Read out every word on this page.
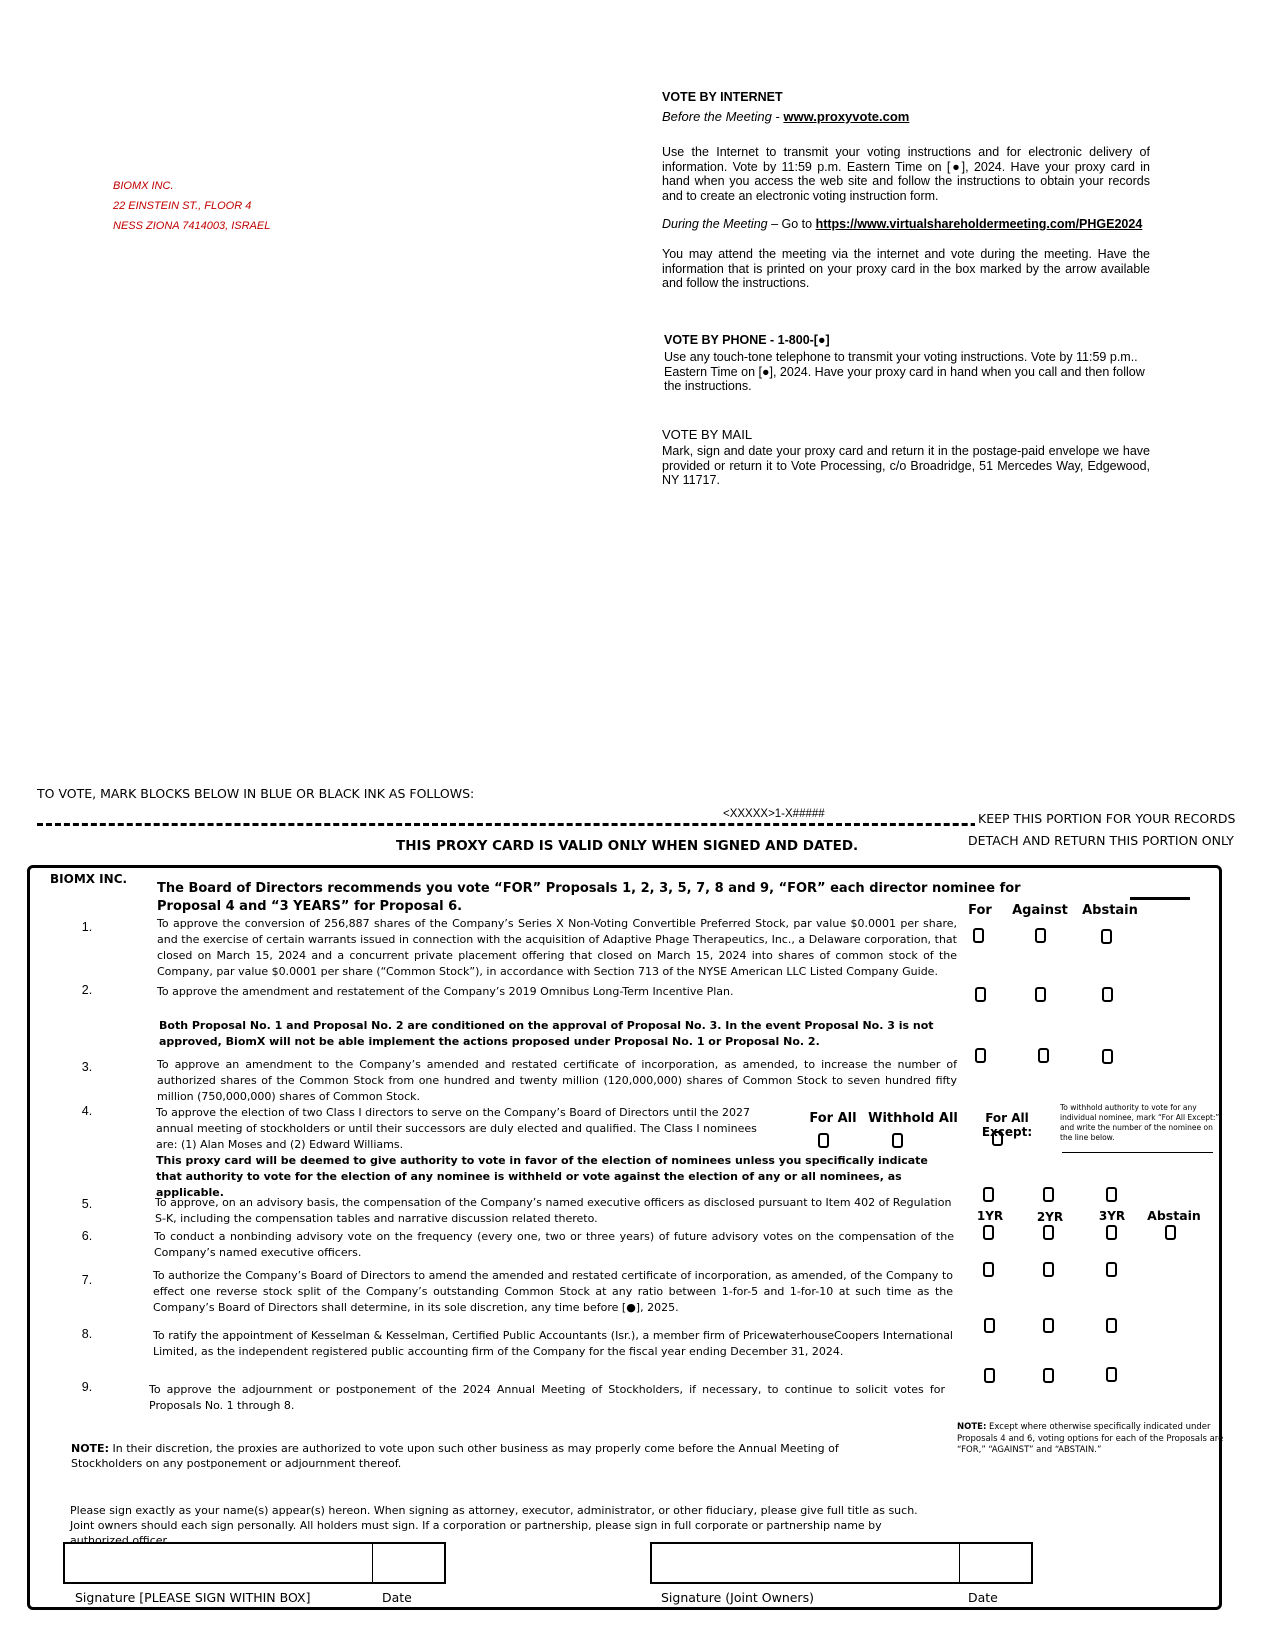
BIOMX INC.
22 EINSTEIN ST., FLOOR 4
NESS ZIONA 7414003, ISRAEL
VOTE BY INTERNET
Before the Meeting - www.proxyvote.com
Use the Internet to transmit your voting instructions and for electronic delivery of information. Vote by 11:59 p.m. Eastern Time on [●], 2024. Have your proxy card in hand when you access the web site and follow the instructions to obtain your records and to create an electronic voting instruction form.
During the Meeting – Go to https://www.virtualshareholdermeeting.com/PHGE2024
You may attend the meeting via the internet and vote during the meeting. Have the information that is printed on your proxy card in the box marked by the arrow available and follow the instructions.
VOTE BY PHONE - 1-800-[●]
Use any touch-tone telephone to transmit your voting instructions. Vote by 11:59 p.m.. Eastern Time on [●], 2024. Have your proxy card in hand when you call and then follow the instructions.
VOTE BY MAIL
Mark, sign and date your proxy card and return it in the postage-paid envelope we have provided or return it to Vote Processing, c/o Broadridge, 51 Mercedes Way, Edgewood, NY 11717.
TO VOTE, MARK BLOCKS BELOW IN BLUE OR BLACK INK AS FOLLOWS:
<XXXXX>1-X#####	KEEP THIS PORTION FOR YOUR RECORDS
DETACH AND RETURN THIS PORTION ONLY
THIS PROXY CARD IS VALID ONLY WHEN SIGNED AND DATED.
BIOMX INC.
The Board of Directors recommends you vote “FOR” Proposals 1, 2, 3, 5, 7, 8 and 9, “FOR” each director nominee for
Proposal 4 and “3 YEARS” for Proposal 6.	For	Against	Abstain
1.	To approve the conversion of 256,887 shares of the Company’s Series X Non-Voting Convertible Preferred Stock, par value $0.0001 per share, and the exercise of certain warrants issued in connection with the acquisition of Adaptive Phage Therapeutics, Inc., a Delaware corporation, that closed on March 15, 2024 and a concurrent private placement offering that closed on March 15, 2024 into shares of common stock of the Company, par value $0.0001 per share (“Common Stock”), in accordance with Section 713 of the NYSE American LLC Listed Company Guide.
2.	To approve the amendment and restatement of the Company’s 2019 Omnibus Long-Term Incentive Plan.
Both Proposal No. 1 and Proposal No. 2 are conditioned on the approval of Proposal No. 3. In the event Proposal No. 3 is not approved, BiomX will not be able implement the actions proposed under Proposal No. 1 or Proposal No. 2.
3.	To approve an amendment to the Company’s amended and restated certificate of incorporation, as amended, to increase the number of authorized shares of the Common Stock from one hundred and twenty million (120,000,000) shares of Common Stock to seven hundred fifty million (750,000,000) shares of Common Stock.
4.	To approve the election of two Class I directors to serve on the Company’s Board of Directors until the 2027 annual meeting of stockholders or until their successors are duly elected and qualified. The Class I nominees are: (1) Alan Moses and (2) Edward Williams.
This proxy card will be deemed to give authority to vote in favor of the election of nominees unless you specifically indicate that authority to vote for the election of any nominee is withheld or vote against the election of any or all nominees, as applicable.
For All Withhold All	For All Except:
To withhold authority to vote for any individual nominee, mark “For All Except:” and write the number of the nominee on the line below.
5.	To approve, on an advisory basis, the compensation of the Company’s named executive officers as disclosed pursuant to Item 402 of Regulation S-K, including the compensation tables and narrative discussion related thereto.	1YR	2YR	3YR	Abstain
6.	To conduct a nonbinding advisory vote on the frequency (every one, two or three years) of future advisory votes on the compensation of the Company’s named executive officers.
7.	To authorize the Company’s Board of Directors to amend the amended and restated certificate of incorporation, as amended, of the Company to effect one reverse stock split of the Company’s outstanding Common Stock at any ratio between 1-for-5 and 1-for-10 at such time as the Company’s Board of Directors shall determine, in its sole discretion, any time before [●], 2025.
8.	To ratify the appointment of Kesselman & Kesselman, Certified Public Accountants (Isr.), a member firm of PricewaterhouseCoopers International Limited, as the independent registered public accounting firm of the Company for the fiscal year ending December 31, 2024.
9.	To approve the adjournment or postponement of the 2024 Annual Meeting of Stockholders, if necessary, to continue to solicit votes for Proposals No. 1 through 8.
NOTE: Except where otherwise specifically indicated under Proposals 4 and 6, voting options for each of the Proposals are “FOR,” “AGAINST” and “ABSTAIN.”
NOTE: In their discretion, the proxies are authorized to vote upon such other business as may properly come before the Annual Meeting of Stockholders on any postponement or adjournment thereof.
Please sign exactly as your name(s) appear(s) hereon. When signing as attorney, executor, administrator, or other fiduciary, please give full title as such. Joint owners should each sign personally. All holders must sign. If a corporation or partnership, please sign in full corporate or partnership name by authorized officer.
Signature [PLEASE SIGN WITHIN BOX]	Date	Signature (Joint Owners)	Date
